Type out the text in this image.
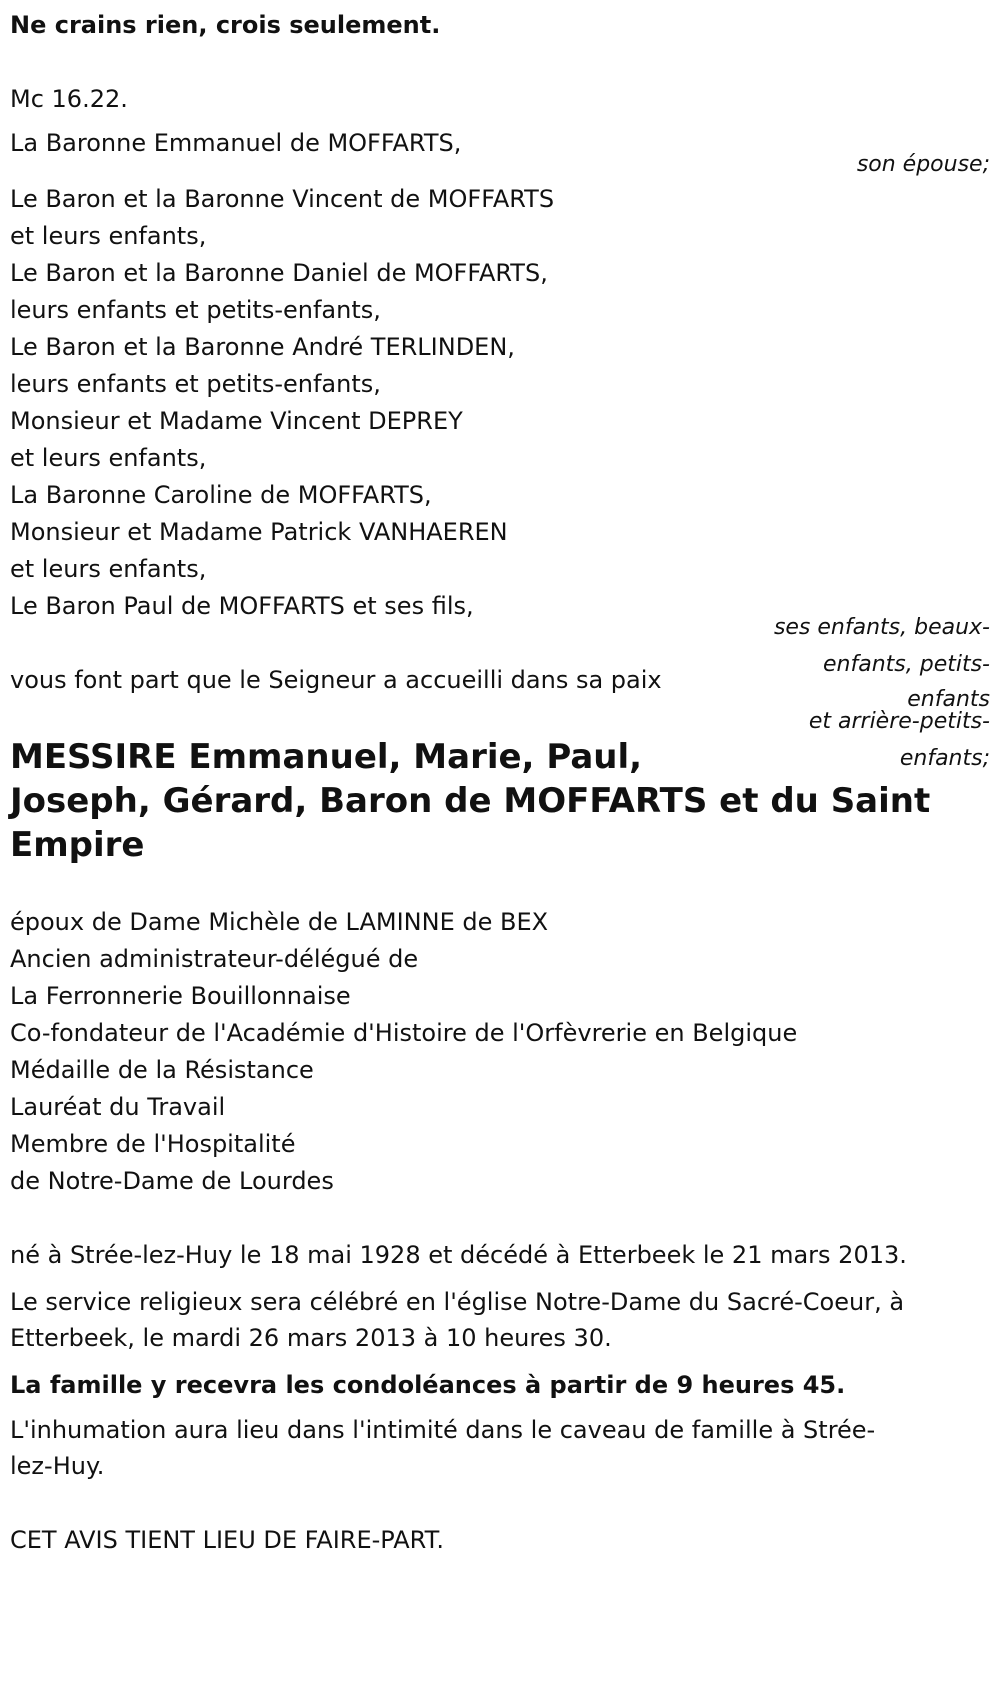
Ne crains rien, crois seulement.
Mc 16.22.
La Baronne Emmanuel de MOFFARTS,
son épouse;
Le Baron et la Baronne Vincent de MOFFARTS
et leurs enfants,
Le Baron et la Baronne Daniel de MOFFARTS,
leurs enfants et petits-enfants,
Le Baron et la Baronne André TERLINDEN,
leurs enfants et petits-enfants,
Monsieur et Madame Vincent DEPREY
et leurs enfants,
La Baronne Caroline de MOFFARTS,
Monsieur et Madame Patrick VANHAEREN
et leurs enfants,
Le Baron Paul de MOFFARTS et ses fils,
ses enfants, beaux-
enfants, petits-
enfants
et arrière-petits-
enfants;
vous font part que le Seigneur a accueilli dans sa paix
MESSIRE Emmanuel, Marie, Paul,
Joseph, Gérard, Baron de MOFFARTS et du Saint
Empire
époux de Dame Michèle de LAMINNE de BEX
Ancien administrateur-délégué de
La Ferronnerie Bouillonnaise
Co-fondateur de l'Académie d'Histoire de l'Orfèvrerie en Belgique
Médaille de la Résistance
Lauréat du Travail
Membre de l'Hospitalité
de Notre-Dame de Lourdes
né à Strée-lez-Huy le 18 mai 1928 et décédé à Etterbeek le 21 mars 2013.
Le service religieux sera célébré en l'église Notre-Dame du Sacré-Coeur, à
Etterbeek, le mardi 26 mars 2013 à 10 heures 30.
La famille y recevra les condoléances à partir de 9 heures 45.
L'inhumation aura lieu dans l'intimité dans le caveau de famille à Strée-
lez-Huy.
CET AVIS TIENT LIEU DE FAIRE-PART.
